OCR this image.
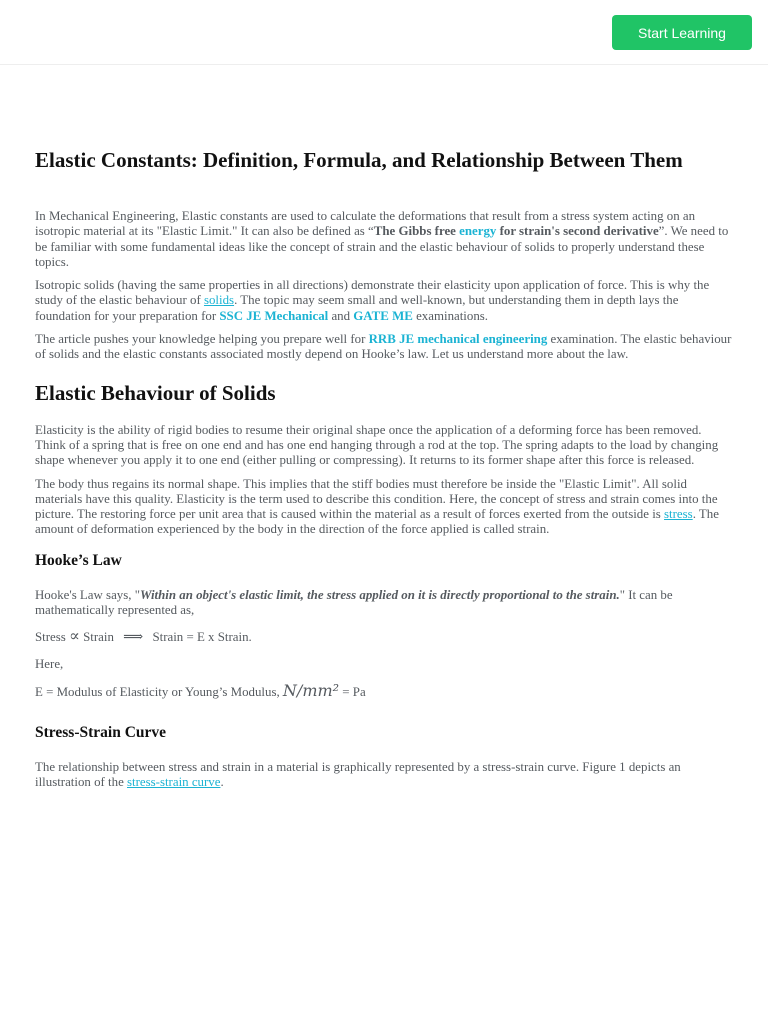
Start Learning
Elastic Constants: Definition, Formula, and Relationship Between Them

In Mechanical Engineering, Elastic constants are used to calculate the deformations that result from a stress system acting on an isotropic material at its "Elastic Limit." It can also be defined as “The Gibbs free energy for strain's second derivative”. We need to be familiar with some fundamental ideas like the concept of strain and the elastic behaviour of solids to properly understand these topics.

Isotropic solids (having the same properties in all directions) demonstrate their elasticity upon application of force. This is why the study of the elastic behaviour of solids. The topic may seem small and well-known, but understanding them in depth lays the foundation for your preparation for SSC JE Mechanical and GATE ME examinations.

The article pushes your knowledge helping you prepare well for RRB JE mechanical engineering examination. The elastic behaviour of solids and the elastic constants associated mostly depend on Hooke’s law. Let us understand more about the law.

Elastic Behaviour of Solids

Elasticity is the ability of rigid bodies to resume their original shape once the application of a deforming force has been removed. Think of a spring that is free on one end and has one end hanging through a rod at the top. The spring adapts to the load by changing shape whenever you apply it to one end (either pulling or compressing). It returns to its former shape after this force is released.

The body thus regains its normal shape. This implies that the stiff bodies must therefore be inside the "Elastic Limit". All solid materials have this quality. Elasticity is the term used to describe this condition. Here, the concept of stress and strain comes into the picture. The restoring force per unit area that is caused within the material as a result of forces exerted from the outside is stress. The amount of deformation experienced by the body in the direction of the force applied is called strain.

Hooke’s Law

Hooke's Law says, "Within an object's elastic limit, the stress applied on it is directly proportional to the strain." It can be mathematically represented as,

Stress ∝ Strain ⟹ Strain = E x Strain.

Here,

E = Modulus of Elasticity or Young’s Modulus, N/mm² = Pa

Stress-Strain Curve

The relationship between stress and strain in a material is graphically represented by a stress-strain curve. Figure 1 depicts an illustration of the stress-strain curve.
